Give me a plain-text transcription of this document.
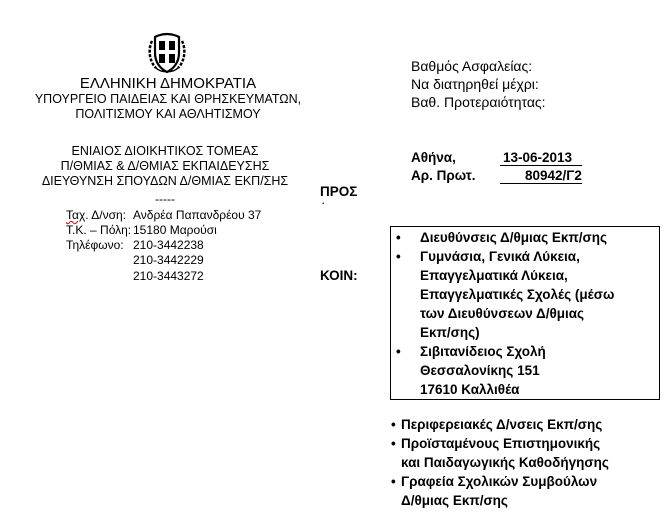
ΕΛΛΗΝΙΚΗ ΔΗΜΟΚΡΑΤΙΑ
ΥΠΟΥΡΓΕΙΟ ΠΑΙΔΕΙΑΣ ΚΑΙ ΘΡΗΣΚΕΥΜΑΤΩΝ,
ΠΟΛΙΤΙΣΜΟΥ ΚΑΙ ΑΘΛΗΤΙΣΜΟΥ
ΕΝΙΑΙΟΣ ΔΙΟΙΚΗΤΙΚΟΣ ΤΟΜΕΑΣ
Π/ΘΜΙΑΣ & Δ/ΘΜΙΑΣ ΕΚΠΑΙΔΕΥΣΗΣ
ΔΙΕΥΘΥΝΣΗ ΣΠΟΥΔΩΝ Δ/ΘΜΙΑΣ ΕΚΠ/ΣΗΣ
-----
Ταχ. Δ/νση: Ανδρέα Παπανδρέου 37
Τ.Κ. – Πόλη: 15180 Μαρούσι
Τηλέφωνο: 210-3442238
210-3442229
210-3443272
Βαθμός Ασφαλείας:
Να διατηρηθεί μέχρι:
Βαθ. Προτεραιότητας:
Αθήνα,	13-06-2013
Αρ. Πρωτ.	80942/Γ2
ΠΡΟΣ
·
ΚΟΙΝ:
• Διευθύνσεις Δ/θμιας Εκπ/σης
• Γυμνάσια, Γενικά Λύκεια,
Επαγγελματικά Λύκεια,
Επαγγελματικές Σχολές (μέσω
των Διευθύνσεων Δ/θμιας
Εκπ/σης)
• Σιβιτανίδειος Σχολή
Θεσσαλονίκης 151
17610 Καλλιθέα
• Περιφερειακές Δ/νσεις Εκπ/σης
• Προϊσταμένους Επιστημονικής
και Παιδαγωγικής Καθοδήγησης
• Γραφεία Σχολικών Συμβούλων
Δ/θμιας Εκπ/σης
